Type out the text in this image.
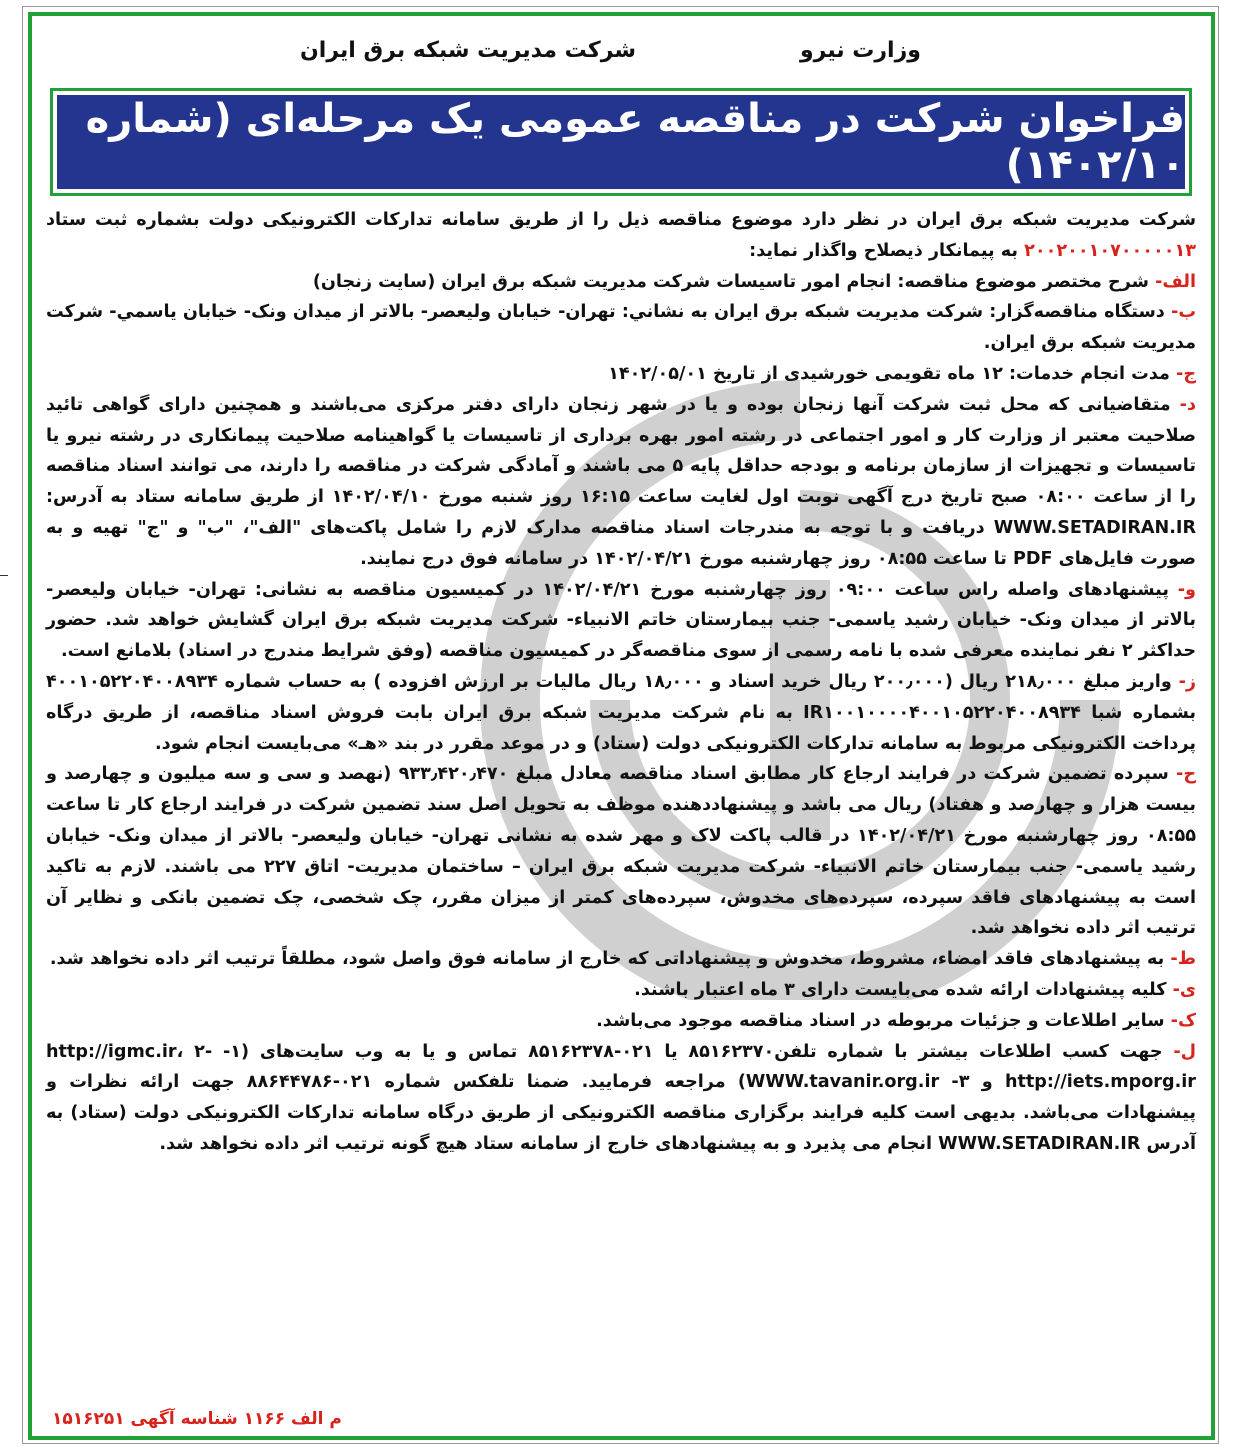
شرکت مديريت شبکه برق ايران	وزارت نيرو
فراخوان شرکت در مناقصه عمومی یک مرحله‌ای (شماره ۱۴۰۲/۱۰)

شرکت مدیریت شبکه برق ایران در نظر دارد موضوع مناقصه ذیل را از طریق سامانه تدارکات الکترونیکی دولت بشماره ثبت ستاد ۲۰۰۲۰۰۱۰۷۰۰۰۰۰۱۳ به پیمانکار ذیصلاح واگذار نماید:

الف- شرح مختصر موضوع مناقصه: انجام امور تاسیسات شرکت مدیریت شبکه برق ایران (سایت زنجان)

ب- دستگاه مناقصه‌گزار: شرکت مدیریت شبکه برق ایران به نشاني: تهران- خیابان ولیعصر- بالاتر از میدان ونک- خیابان یاسمي- شرکت مدیریت شبکه برق ایران.

ج- مدت انجام خدمات: ۱۲ ماه تقویمی خورشیدی از تاریخ ۱۴۰۲/۰۵/۰۱

د- متقاضیانی که محل ثبت شرکت آنها زنجان بوده و یا در شهر زنجان دارای دفتر مرکزی می‌باشند و همچنین دارای گواهی تائید صلاحیت معتبر از وزارت کار و امور اجتماعی در رشته امور بهره برداری از تاسیسات یا گواهینامه صلاحیت پیمانکاری در رشته نیرو یا تاسیسات و تجهیزات از سازمان برنامه و بودجه حداقل پایه ۵ می باشند و آمادگی شرکت در مناقصه را دارند، می توانند اسناد مناقصه را از ساعت ۰۸:۰۰ صبح تاریخ درج آگهی نوبت اول لغایت ساعت ۱۶:۱۵ روز شنبه مورخ ۱۴۰۲/۰۴/۱۰ از طریق سامانه ستاد به آدرس: WWW.SETADIRAN.IR دریافت و با توجه به مندرجات اسناد مناقصه مدارک لازم را شامل پاکت‌های "الف"، "ب" و "ج" تهیه و به صورت فایل‌های PDF تا ساعت ۰۸:۵۵ روز چهارشنبه مورخ ۱۴۰۲/۰۴/۲۱ در سامانه فوق درج نمایند.

و- پیشنهادهای واصله راس ساعت ۰۹:۰۰ روز چهارشنبه مورخ ۱۴۰۲/۰۴/۲۱ در کمیسیون مناقصه به نشانی: تهران- خیابان ولیعصر- بالاتر از میدان ونک- خیابان رشید یاسمی- جنب بیمارستان خاتم الانبیاء- شرکت مدیریت شبکه برق ایران گشایش خواهد شد. حضور حداکثر ۲ نفر نماینده معرفی شده با نامه رسمی از سوی مناقصه‌گر در کمیسیون مناقصه (وفق شرایط مندرج در اسناد) بلامانع است.

ز- واریز مبلغ ۲۱۸٫۰۰۰ ریال (۲۰۰٫۰۰۰ ریال خرید اسناد و ۱۸٫۰۰۰ ریال مالیات بر ارزش افزوده ) به حساب شماره ۴۰۰۱۰۵۲۲۰۴۰۰۸۹۳۴ بشماره شبا IR۱۰۰۱۰۰۰۰۴۰۰۱۰۵۲۲۰۴۰۰۸۹۳۴ به نام شرکت مدیریت شبکه برق ایران بابت فروش اسناد مناقصه، از طریق درگاه پرداخت الکترونیکی مربوط به سامانه تدارکات الکترونیکی دولت (ستاد) و در موعد مقرر در بند «هـ» می‌بایست انجام شود.

ح- سپرده تضمین شرکت در فرایند ارجاع کار مطابق اسناد مناقصه معادل مبلغ ۹۳۳٫۴۲۰٫۴۷۰ (نهصد و سی و سه میلیون و چهارصد و بیست هزار و چهارصد و هفتاد) ریال می باشد و پیشنهاددهنده موظف به تحویل اصل سند تضمین شرکت در فرایند ارجاع کار تا ساعت ۰۸:۵۵ روز چهارشنبه مورخ ۱۴۰۲/۰۴/۲۱ در قالب پاکت لاک و مهر شده به نشانی تهران- خیابان ولیعصر- بالاتر از میدان ونک- خیابان رشید یاسمی- جنب بیمارستان خاتم الانبیاء- شرکت مدیریت شبکه برق ایران – ساختمان مدیریت- اتاق ۲۲۷ می باشند. لازم به تاکید است به پیشنهادهای فاقد سپرده، سپرده‌های مخدوش، سپرده‌های کمتر از میزان مقرر، چک شخصی، چک تضمین بانکی و نظایر آن ترتیب اثر داده نخواهد شد.

ط- به پیشنهادهای فاقد امضاء، مشروط، مخدوش و پیشنهاداتی که خارج از سامانه فوق واصل شود، مطلقاً ترتیب اثر داده نخواهد شد.

ی- کلیه پیشنهادات ارائه شده می‌بایست دارای ۳ ماه اعتبار باشند.

ک- سایر اطلاعات و جزئیات مربوطه در اسناد مناقصه موجود می‌باشد.

ل- جهت کسب اطلاعات بیشتر با شماره تلفن۸۵۱۶۲۳۷۰ یا ۰۲۱-۸۵۱۶۲۳۷۸ تماس و یا به وب سایت‌های (۱- http://igmc.ir، ۲- http://iets.mporg.ir و ۳- WWW.tavanir.org.ir) مراجعه فرمایید. ضمنا تلفکس شماره ۰۲۱-۸۸۶۴۴۷۸۶ جهت ارائه نظرات و پیشنهادات می‌باشد. بدیهی است کلیه فرایند برگزاری مناقصه الکترونیکی از طریق درگاه سامانه تدارکات الکترونیکی دولت (ستاد) به آدرس WWW.SETADIRAN.IR انجام می پذیرد و به پیشنهادهای خارج از سامانه ستاد هیچ گونه ترتیب اثر داده نخواهد شد.

م الف ۱۱۶۶ شناسه آگهی ۱۵۱۶۲۵۱
